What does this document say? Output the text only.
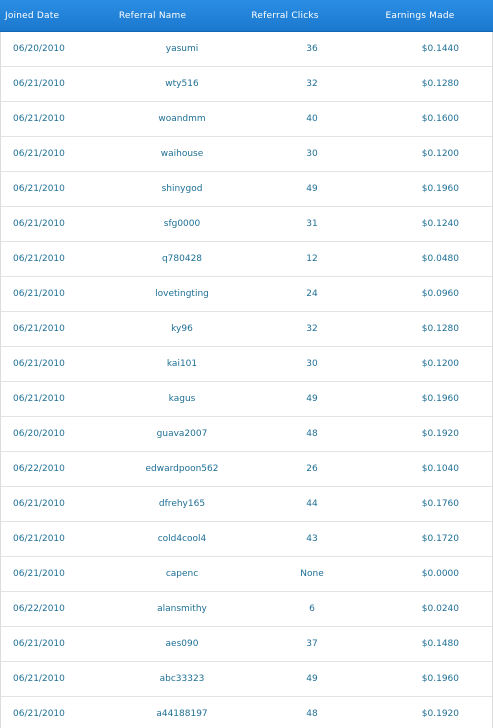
Joined Date	Referral Name	Referral Clicks	Earnings Made
06/20/2010	yasumi	36	$0.1440
06/21/2010	wty516	32	$0.1280
06/21/2010	woandmm	40	$0.1600
06/21/2010	waihouse	30	$0.1200
06/21/2010	shinygod	49	$0.1960
06/21/2010	sfg0000	31	$0.1240
06/21/2010	q780428	12	$0.0480
06/21/2010	lovetingting	24	$0.0960
06/21/2010	ky96	32	$0.1280
06/21/2010	kai101	30	$0.1200
06/21/2010	kagus	49	$0.1960
06/20/2010	guava2007	48	$0.1920
06/22/2010	edwardpoon562	26	$0.1040
06/21/2010	dfrehy165	44	$0.1760
06/21/2010	cold4cool4	43	$0.1720
06/21/2010	capenc	None	$0.0000
06/22/2010	alansmithy	6	$0.0240
06/21/2010	aes090	37	$0.1480
06/21/2010	abc33323	49	$0.1960
06/21/2010	a44188197	48	$0.1920
